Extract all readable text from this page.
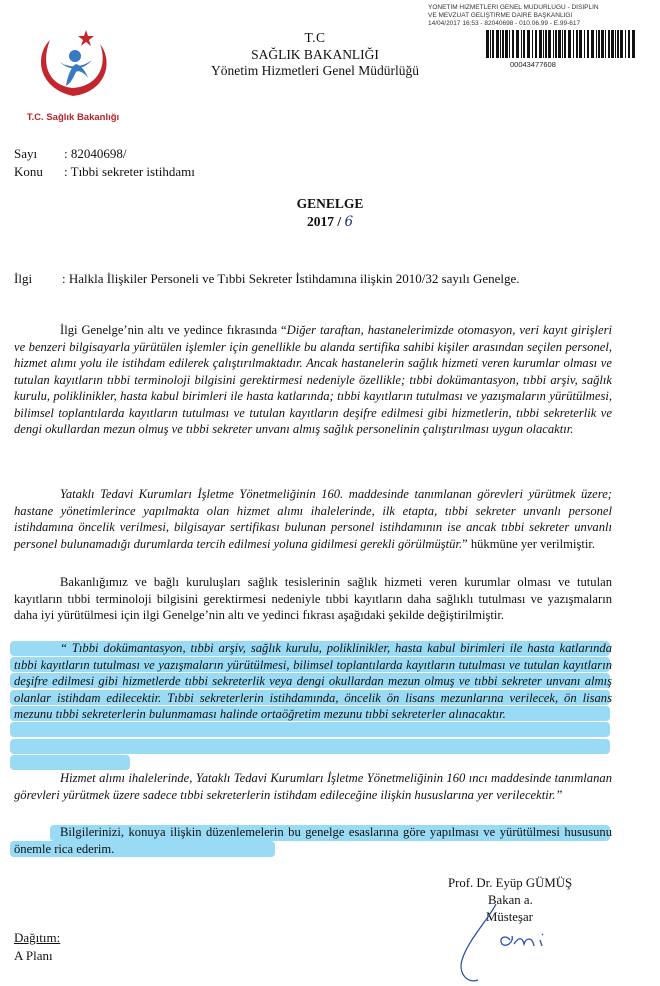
T.C. Sağlık Bakanlığı
T.C
SAĞLIK BAKANLIĞI
Yönetim Hizmetleri Genel Müdürlüğü
YÖNETİM HİZMETLERİ GENEL MÜDÜRLÜĞÜ - DİSİPLİN
VE MEVZUAT GELİŞTİRME DAİRE BAŞKANLIĞI
14/04/2017 16:53 - 82040698 - 010.06.99 - E.99-617
00043477608
Sayı : 82040698/
Konu : Tıbbi sekreter istihdamı
GENELGE
2017 / 6
İlgi : Halkla İlişkiler Personeli ve Tıbbi Sekreter İstihdamına ilişkin 2010/32 sayılı Genelge.
İlgi Genelge’nin altı ve yedince fıkrasında “Diğer taraftan, hastanelerimizde otomasyon, veri kayıt girişleri ve benzeri bilgisayarla yürütülen işlemler için genellikle bu alanda sertifika sahibi kişiler arasından seçilen personel, hizmet alımı yolu ile istihdam edilerek çalıştırılmaktadır. Ancak hastanelerin sağlık hizmeti veren kurumlar olması ve tutulan kayıtların tıbbi terminoloji bilgisini gerektirmesi nedeniyle özellikle; tıbbi dokümantasyon, tıbbi arşiv, sağlık kurulu, poliklinikler, hasta kabul birimleri ile hasta katlarında; tıbbi kayıtların tutulması ve yazışmaların yürütülmesi, bilimsel toplantılarda kayıtların tutulması ve tutulan kayıtların deşifre edilmesi gibi hizmetlerin, tıbbi sekreterlik ve dengi okullardan mezun olmuş ve tıbbi sekreter unvanı almış sağlık personelinin çalıştırılması uygun olacaktır.
Yataklı Tedavi Kurumları İşletme Yönetmeliğinin 160. maddesinde tanımlanan görevleri yürütmek üzere; hastane yönetimlerince yapılmakta olan hizmet alımı ihalelerinde, ilk etapta, tıbbi sekreter unvanlı personel istihdamına öncelik verilmesi, bilgisayar sertifikası bulunan personel istihdamının ise ancak tıbbi sekreter unvanlı personel bulunamadığı durumlarda tercih edilmesi yoluna gidilmesi gerekli görülmüştür.” hükmüne yer verilmiştir.
Bakanlığımız ve bağlı kuruluşları sağlık tesislerinin sağlık hizmeti veren kurumlar olması ve tutulan kayıtların tıbbi terminoloji bilgisini gerektirmesi nedeniyle tıbbi kayıtların daha sağlıklı tutulması ve yazışmaların daha iyi yürütülmesi için ilgi Genelge’nin altı ve yedinci fıkrası aşağıdaki şekilde değiştirilmiştir.
“ Tıbbi dokümantasyon, tıbbi arşiv, sağlık kurulu, poliklinikler, hasta kabul birimleri ile hasta katlarında tıbbi kayıtların tutulması ve yazışmaların yürütülmesi, bilimsel toplantılarda kayıtların tutulması ve tutulan kayıtların deşifre edilmesi gibi hizmetlerde tıbbi sekreterlik veya dengi okullardan mezun olmuş ve tıbbi sekreter unvanı almış olanlar istihdam edilecektir. Tıbbi sekreterlerin istihdamında, öncelik ön lisans mezunlarına verilecek, ön lisans mezunu tıbbi sekreterlerin bulunmaması halinde ortaöğretim mezunu tıbbi sekreterler alınacaktır.
Hizmet alımı ihalelerinde, Yataklı Tedavi Kurumları İşletme Yönetmeliğinin 160 ıncı maddesinde tanımlanan görevleri yürütmek üzere sadece tıbbi sekreterlerin istihdam edileceğine ilişkin hususlarına yer verilecektir.”
Bilgilerinizi, konuya ilişkin düzenlemelerin bu genelge esaslarına göre yapılması ve yürütülmesi hususunu önemle rica ederim.
Prof. Dr. Eyüp GÜMÜŞ
Bakan a.
Müsteşar
Dağıtım:
A Planı
